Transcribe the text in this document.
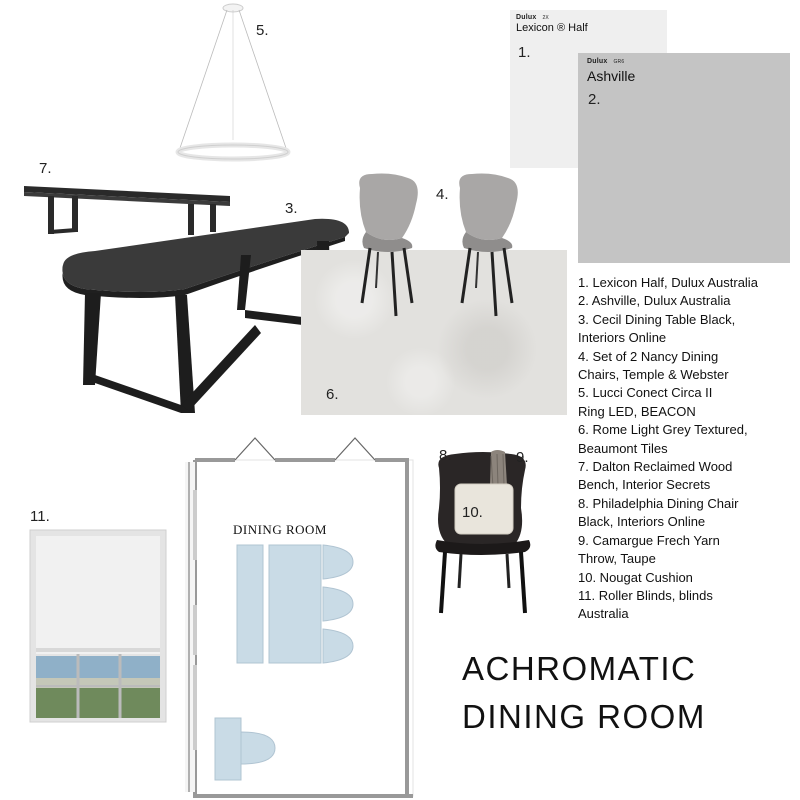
Dulux 2X
Lexicon ® Half
1.
Dulux GR6
Ashville
2.
5.
7.
3.
6.
4.
1. Lexicon Half, Dulux Australia
2. Ashville, Dulux Australia
3. Cecil Dining Table Black,
Interiors Online
4. Set of 2 Nancy Dining
Chairs, Temple & Webster
5. Lucci Conect Circa II
Ring LED, BEACON
6. Rome Light Grey Textured,
Beaumont Tiles
7. Dalton Reclaimed Wood
Bench, Interior Secrets
8. Philadelphia Dining Chair
Black, Interiors Online
9. Camargue Frech Yarn
Throw, Taupe
10. Nougat Cushion
11. Roller Blinds, blinds
Australia
8.	9.
10.
11.
DINING ROOM
ACHROMATIC
DINING ROOM
